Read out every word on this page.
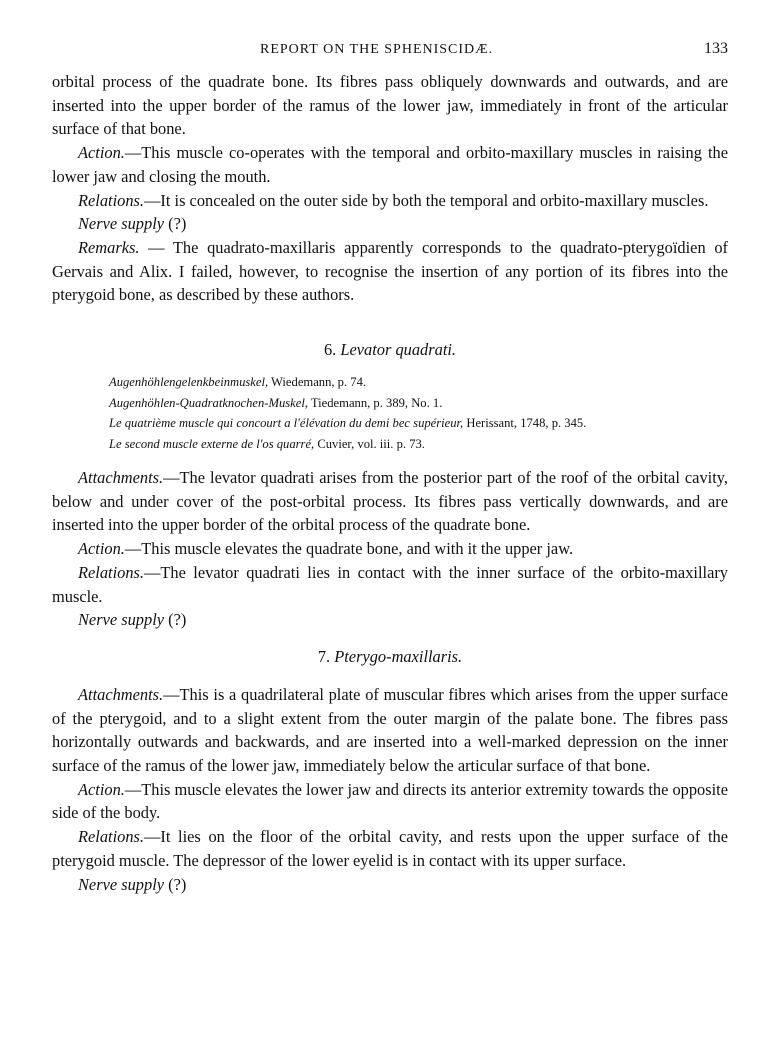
REPORT ON THE SPHENISCIDÆ.	133

orbital process of the quadrate bone. Its fibres pass obliquely downwards and outwards, and are inserted into the upper border of the ramus of the lower jaw, immediately in front of the articular surface of that bone.

Action.—This muscle co-operates with the temporal and orbito-maxillary muscles in raising the lower jaw and closing the mouth.

Relations.—It is concealed on the outer side by both the temporal and orbito-maxillary muscles.

Nerve supply (?)

Remarks. — The quadrato-maxillaris apparently corresponds to the quadrato-pterygoïdien of Gervais and Alix. I failed, however, to recognise the insertion of any portion of its fibres into the pterygoid bone, as described by these authors.

6. Levator quadrati.
Augenhöhlengelenkbeinmuskel, Wiedemann, p. 74.
Augenhöhlen-Quadratknochen-Muskel, Tiedemann, p. 389, No. 1.
Le quatrième muscle qui concourt a l'élévation du demi bec supérieur, Herissant, 1748, p. 345.
Le second muscle externe de l'os quarré, Cuvier, vol. iii. p. 73.

Attachments.—The levator quadrati arises from the posterior part of the roof of the orbital cavity, below and under cover of the post-orbital process. Its fibres pass vertically downwards, and are inserted into the upper border of the orbital process of the quadrate bone.

Action.—This muscle elevates the quadrate bone, and with it the upper jaw.

Relations.—The levator quadrati lies in contact with the inner surface of the orbito-maxillary muscle.

Nerve supply (?)

7. Pterygo-maxillaris.

Attachments.—This is a quadrilateral plate of muscular fibres which arises from the upper surface of the pterygoid, and to a slight extent from the outer margin of the palate bone. The fibres pass horizontally outwards and backwards, and are inserted into a well-marked depression on the inner surface of the ramus of the lower jaw, immediately below the articular surface of that bone.

Action.—This muscle elevates the lower jaw and directs its anterior extremity towards the opposite side of the body.

Relations.—It lies on the floor of the orbital cavity, and rests upon the upper surface of the pterygoid muscle. The depressor of the lower eyelid is in contact with its upper surface.

Nerve supply (?)
